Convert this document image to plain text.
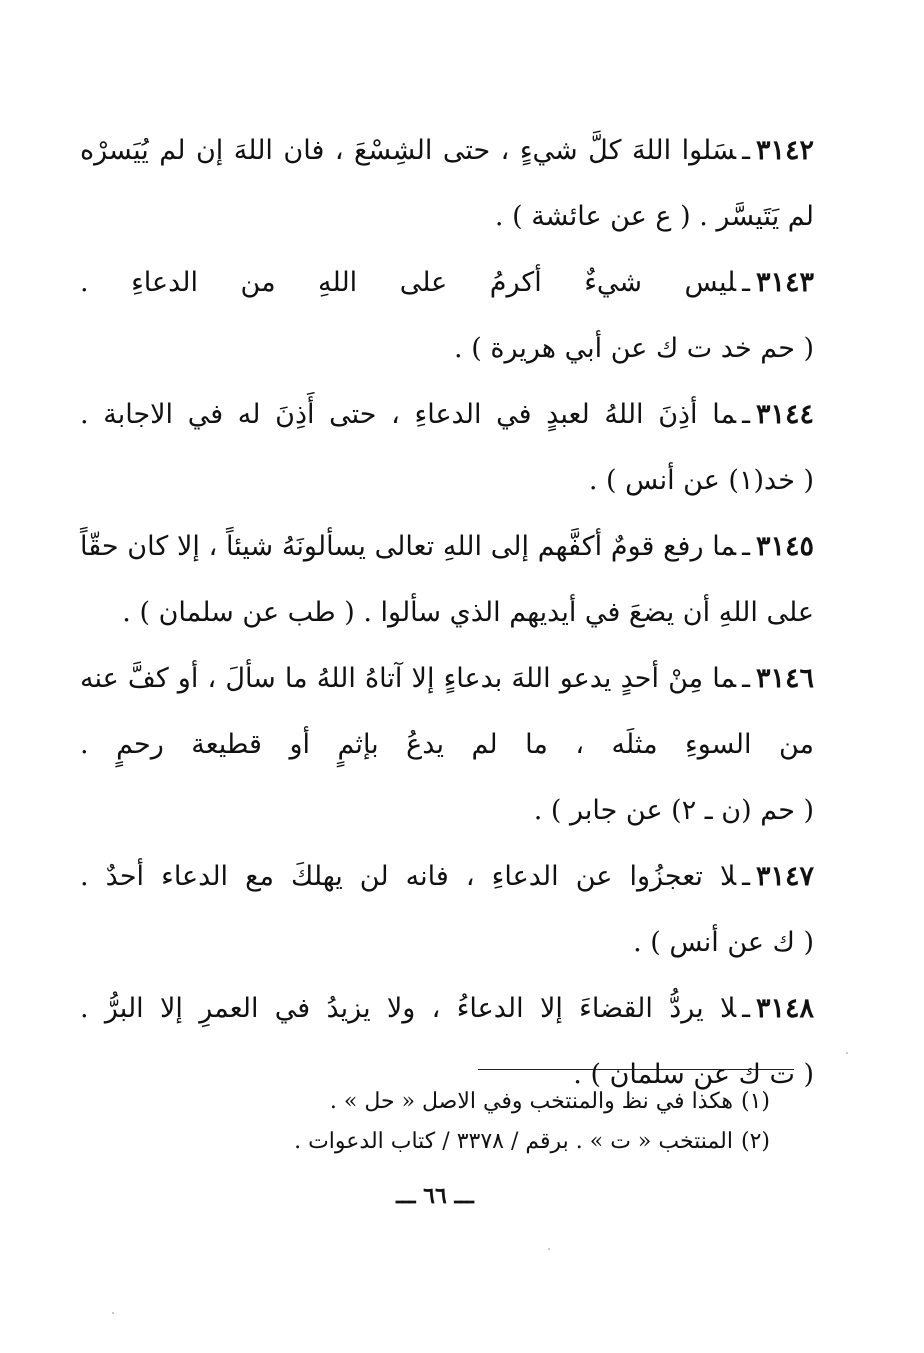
٣١٤٢ـسَلوا اللهَ كلَّ شيءٍ ، حتى الشِسْعَ ، فان اللهَ إن لم يُيَسرْه لم يَتَيسَّر . ( ع عن عائشة ) .

٣١٤٣ـليس شيءٌ أكرمُ على اللهِ من الدعاءِ . ( حم خد ت ك عن أبي هريرة ) .

٣١٤٤ـما أذِنَ اللهُ لعبدٍ في الدعاءِ ، حتى أَذِنَ له في الاجابة . ( خد(١) عن أنس ) .

٣١٤٥ـما رفع قومٌ أكفَّهم إلى اللهِ تعالى يسألونَهُ شيئاً ، إلا كان حقّاً على اللهِ أن يضعَ في أيديهم الذي سألوا . ( طب عن سلمان ) .

٣١٤٦ـما مِنْ أحدٍ يدعو اللهَ بدعاءٍ إلا آتاهُ اللهُ ما سألَ ، أو كفَّ عنه من السوءِ مثلَه ، ما لم يدعُ بإثمٍ أو قطيعة رحمٍ . ( حم (ن ـ ٢) عن جابر ) .

٣١٤٧ـلا تعجزُوا عن الدعاءِ ، فانه لن يهلكَ مع الدعاء أحدٌ . ( ك عن أنس ) .

٣١٤٨ـلا يردُّ القضاءَ إلا الدعاءُ ، ولا يزيدُ في العمرِ إلا البرُّ . ( ت ك عن سلمان ) .

(١)هكذا في نظ والمنتخب وفي الاصل « حل » .

(٢)المنتخب « ت » . برقم / ٣٣٧٨ / كتاب الدعوات .

ـــ ٦٦ ـــ
